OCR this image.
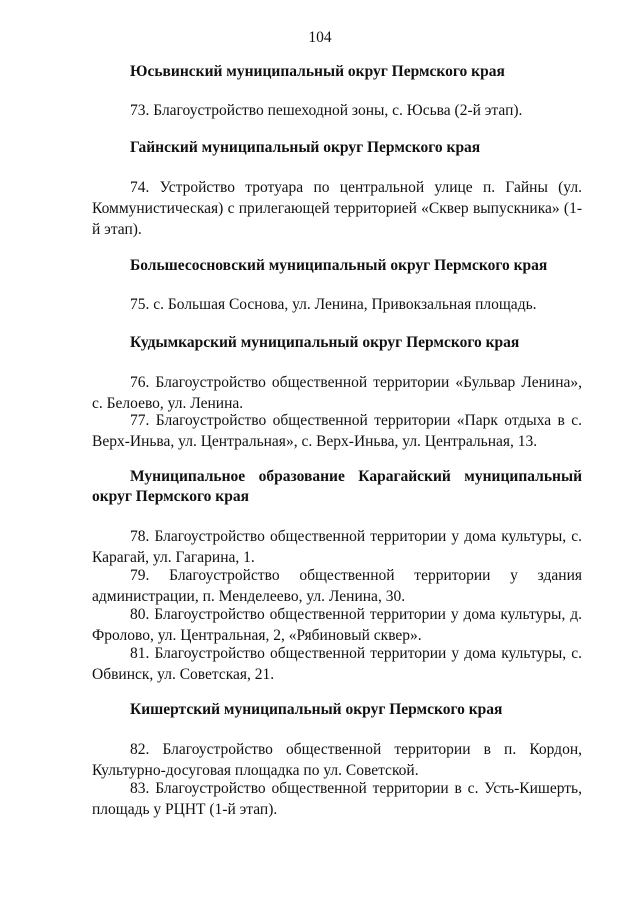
104
Юсьвинский муниципальный округ Пермского края
73. Благоустройство пешеходной зоны, с. Юсьва (2-й этап).
Гайнский муниципальный округ Пермского края
74. Устройство тротуара по центральной улице п. Гайны (ул. Коммунистическая) с прилегающей территорией «Сквер выпускника» (1-й этап).
Большесосновский муниципальный округ Пермского края
75. с. Большая Соснова, ул. Ленина, Привокзальная площадь.
Кудымкарский муниципальный округ Пермского края
76. Благоустройство общественной территории «Бульвар Ленина», с. Белоево, ул. Ленина.
77. Благоустройство общественной территории «Парк отдыха в с. Верх-Иньва, ул. Центральная», с. Верх-Иньва, ул. Центральная, 13.
Муниципальное образование Карагайский муниципальный округ Пермского края
78. Благоустройство общественной территории у дома культуры, с. Карагай, ул. Гагарина, 1.
79. Благоустройство общественной территории у здания администрации, п. Менделеево, ул. Ленина, 30.
80. Благоустройство общественной территории у дома культуры, д. Фролово, ул. Центральная, 2, «Рябиновый сквер».
81. Благоустройство общественной территории у дома культуры, с. Обвинск, ул. Советская, 21.
Кишертский муниципальный округ Пермского края
82. Благоустройство общественной территории в п. Кордон, Культурно-досуговая площадка по ул. Советской.
83. Благоустройство общественной территории в с. Усть-Кишерть, площадь у РЦНТ (1-й этап).
